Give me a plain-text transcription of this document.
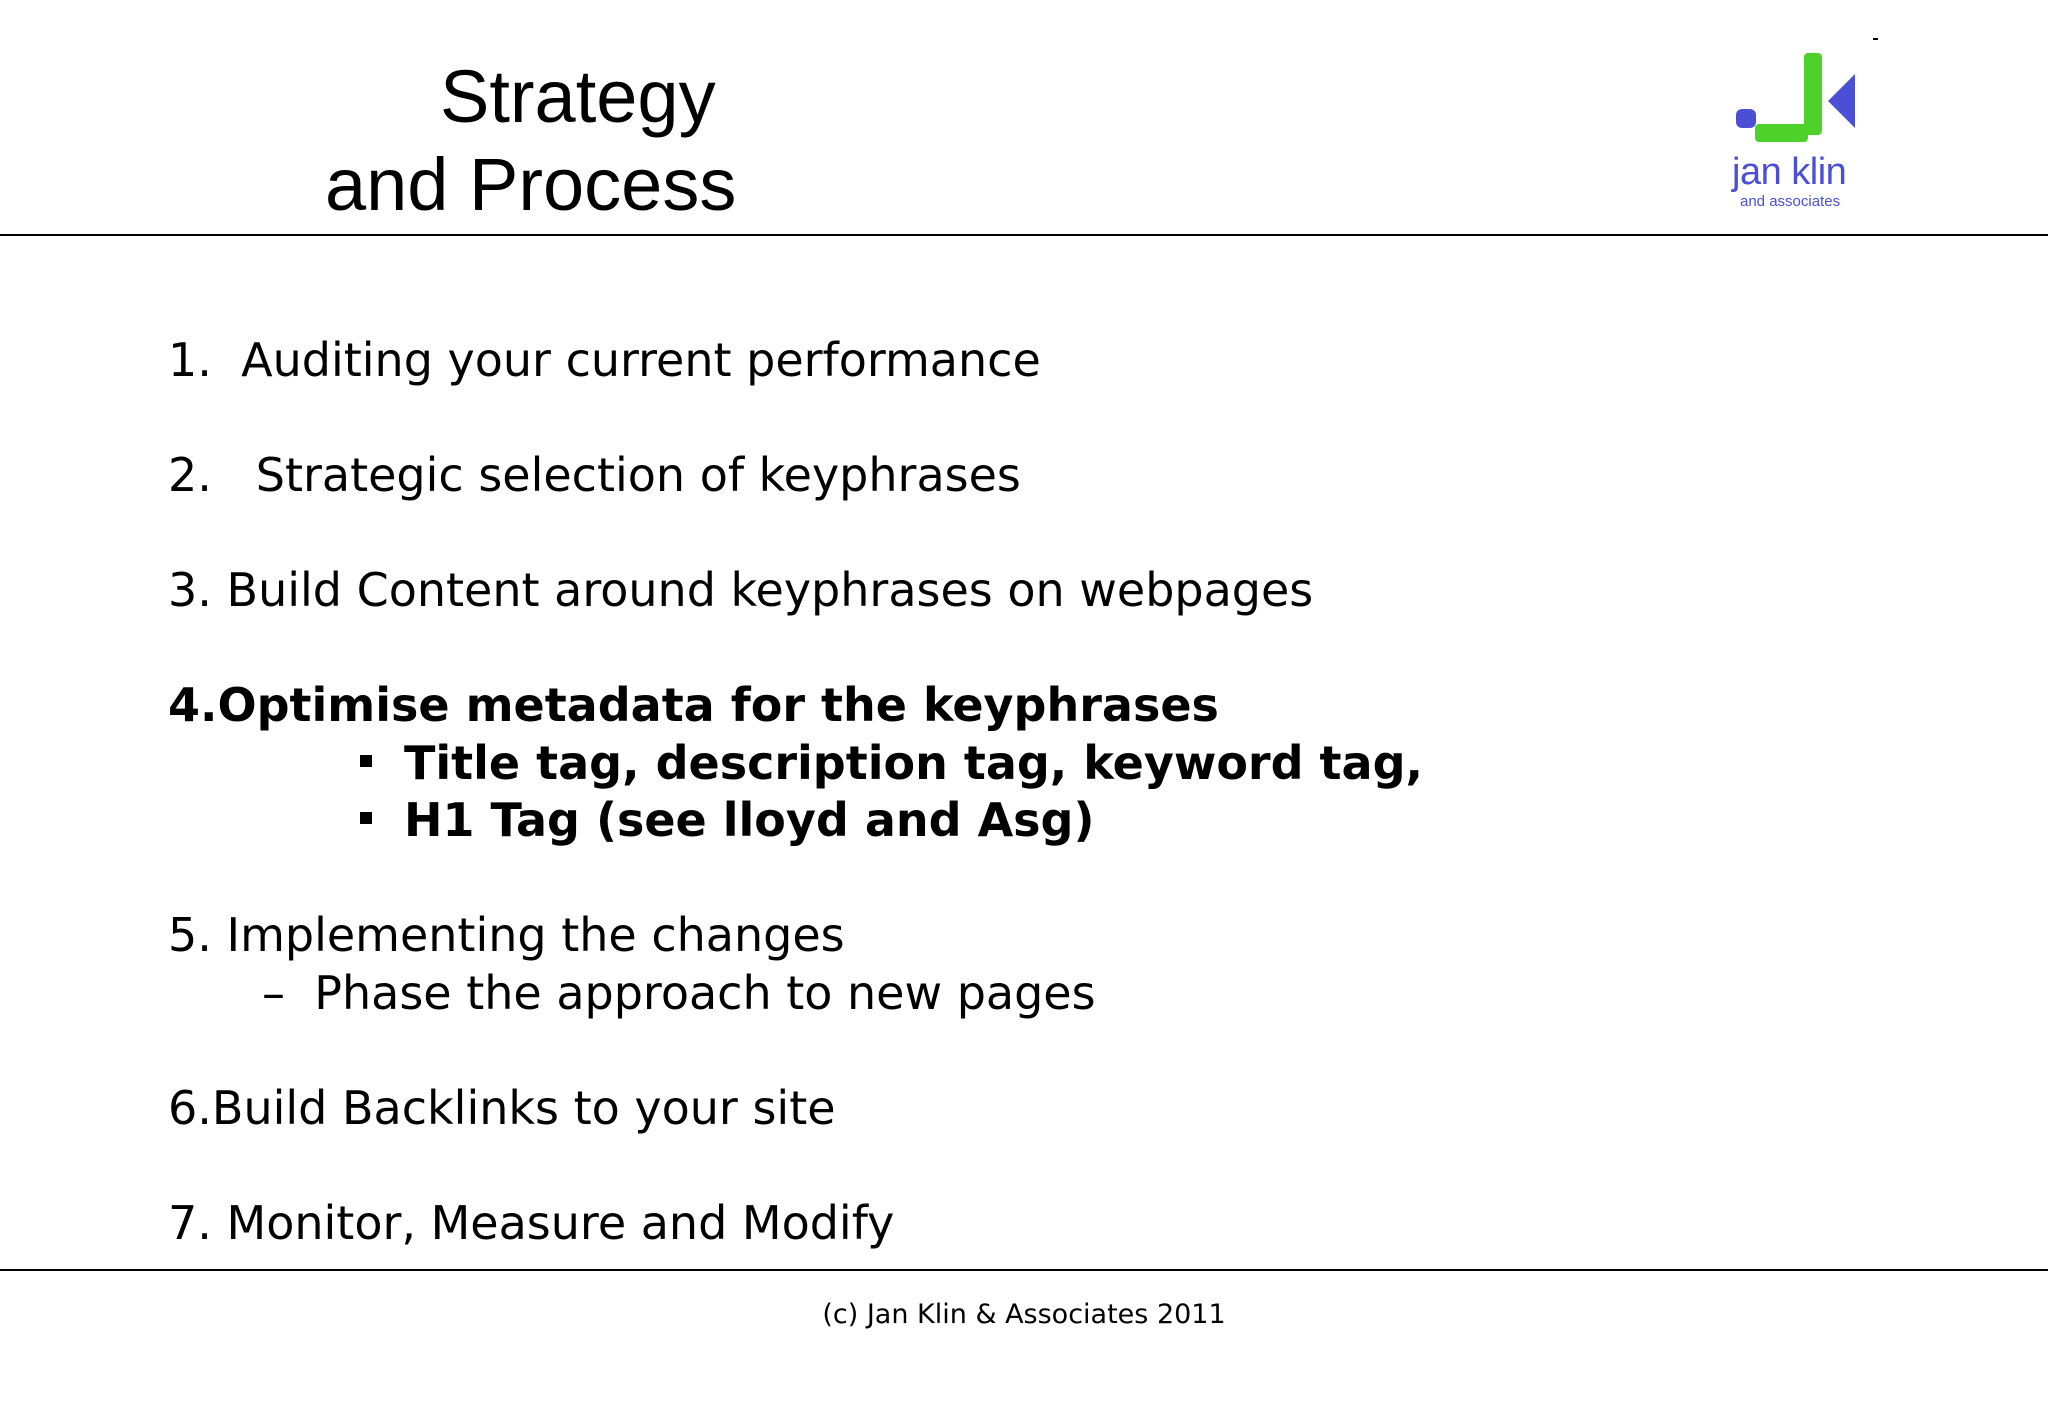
Strategy
and Process	jan klin
and associates
1.  Auditing your current performance
2.   Strategic selection of keyphrases
3. Build Content around keyphrases on webpages
4.Optimise metadata for the keyphrases
Title tag, description tag, keyword tag,
H1 Tag (see lloyd and Asg)
5. Implementing the changes
–  Phase the approach to new pages
6.Build Backlinks to your site
7. Monitor, Measure and Modify
(c) Jan Klin & Associates 2011
